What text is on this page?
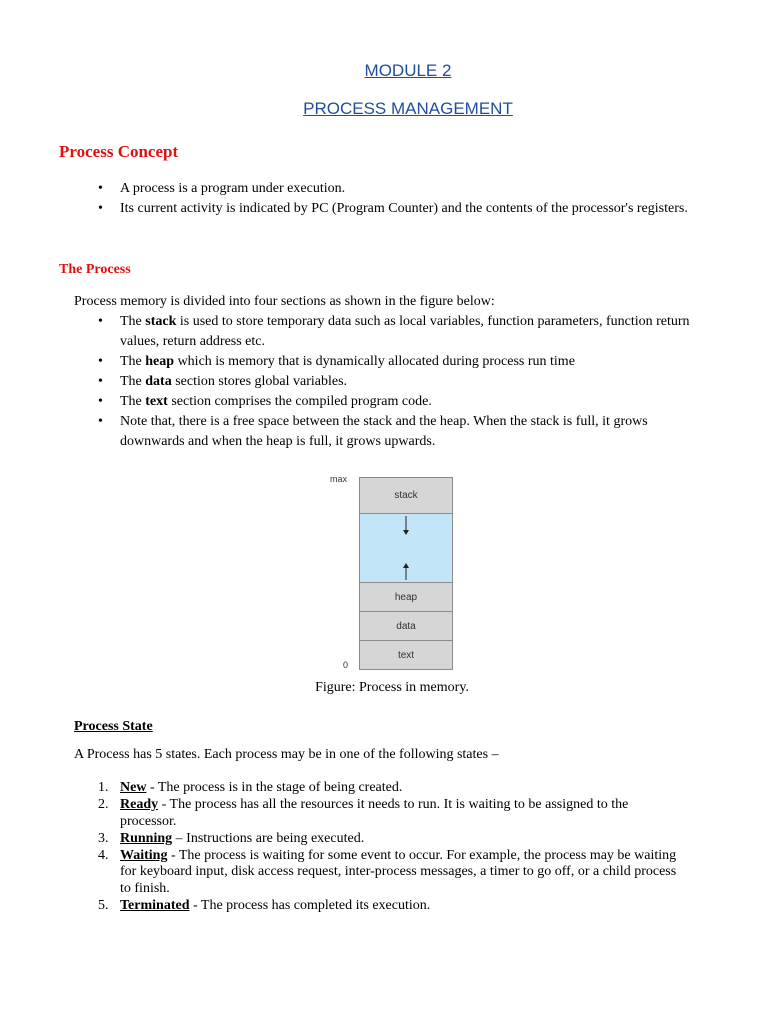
MODULE 2
PROCESS MANAGEMENT
Process Concept
• A process is a program under execution.
• Its current activity is indicated by PC (Program Counter) and the contents of the processor's registers.
The Process
Process memory is divided into four sections as shown in the figure below:
• The stack is used to store temporary data such as local variables, function parameters, function return values, return address etc.
• The heap which is memory that is dynamically allocated during process run time
• The data section stores global variables.
• The text section comprises the compiled program code.
• Note that, there is a free space between the stack and the heap. When the stack is full, it grows downwards and when the heap is full, it grows upwards.
max
0
stack
heap
data
text
Figure: Process in memory.
Process State
A Process has 5 states. Each process may be in one of the following states –
1. New - The process is in the stage of being created.
2. Ready - The process has all the resources it needs to run. It is waiting to be assigned to the processor.
3. Running – Instructions are being executed.
4. Waiting - The process is waiting for some event to occur. For example, the process may be waiting for keyboard input, disk access request, inter-process messages, a timer to go off, or a child process to finish.
5. Terminated - The process has completed its execution.
